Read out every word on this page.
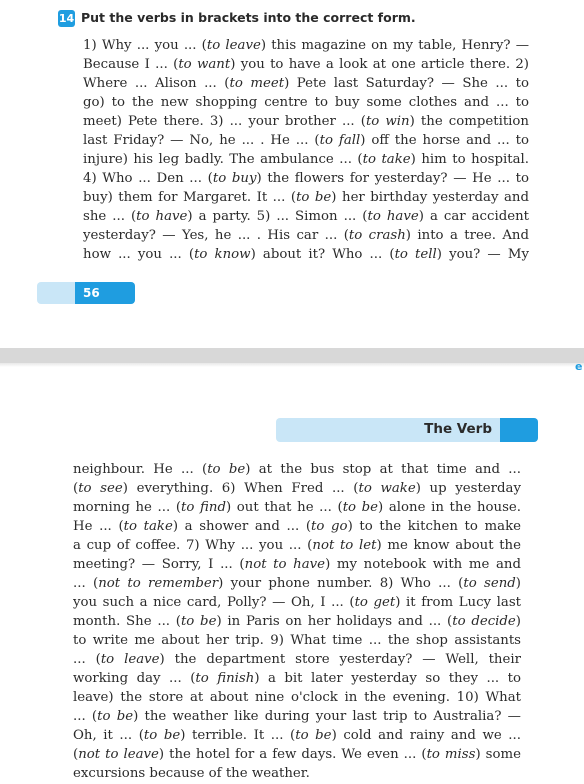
14 Put the verbs in brackets into the correct form.
1) Why ... you ... (to leave) this magazine on my table, Henry? —
Because I ... (to want) you to have a look at one article there. 2)
Where ... Alison ... (to meet) Pete last Saturday? — She ... to
go) to the new shopping centre to buy some clothes and ... to
meet) Pete there. 3) ... your brother ... (to win) the competition
last Friday? — No, he ... . He ... (to fall) off the horse and ... to
injure) his leg badly. The ambulance ... (to take) him to hospital.
4) Who ... Den ... (to buy) the flowers for yesterday? — He ... to
buy) them for Margaret. It ... (to be) her birthday yesterday and
she ... (to have) a party. 5) ... Simon ... (to have) a car accident
yesterday? — Yes, he ... . His car ... (to crash) into a tree. And
how ... you ... (to know) about it? Who ... (to tell) you? — My
56
e
The Verb
neighbour. He ... (to be) at the bus stop at that time and ...
(to see) everything. 6) When Fred ... (to wake) up yesterday
morning he ... (to find) out that he ... (to be) alone in the house.
He ... (to take) a shower and ... (to go) to the kitchen to make
a cup of coffee. 7) Why ... you ... (not to let) me know about the
meeting? — Sorry, I ... (not to have) my notebook with me and
... (not to remember) your phone number. 8) Who ... (to send)
you such a nice card, Polly? — Oh, I ... (to get) it from Lucy last
month. She ... (to be) in Paris on her holidays and ... (to decide)
to write me about her trip. 9) What time ... the shop assistants
... (to leave) the department store yesterday? — Well, their
working day ... (to finish) a bit later yesterday so they ... to
leave) the store at about nine o'clock in the evening. 10) What
... (to be) the weather like during your last trip to Australia? —
Oh, it ... (to be) terrible. It ... (to be) cold and rainy and we ...
(not to leave) the hotel for a few days. We even ... (to miss) some
excursions because of the weather.
